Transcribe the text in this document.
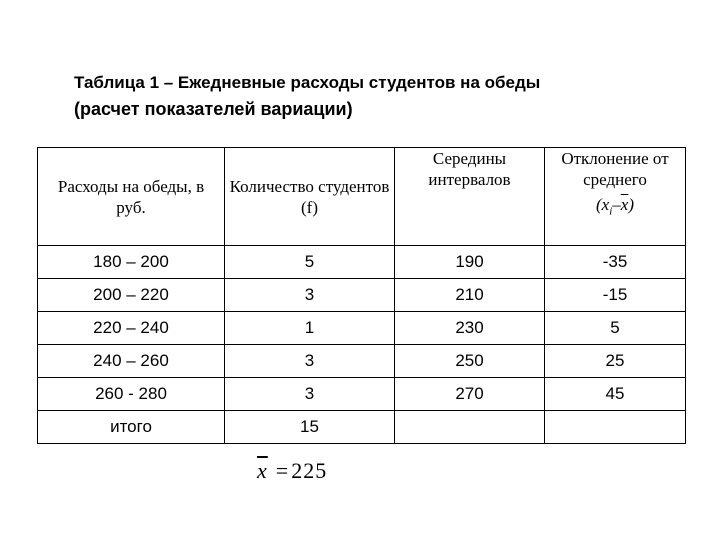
Таблица 1 – Ежедневные расходы студентов на обеды
(расчет показателей вариации)
Расходы на обеды, в руб.	Количество студентов (f)	Середины интервалов	Отклонение от среднего
$(x_i-\overline{x})$
180 – 200	5	190	-35
200 – 220	3	210	-15
220 – 240	1	230	5
240 – 260	3	250	25
260 - 280	3	270	45
итого	15		
$\overline{x} =225$
